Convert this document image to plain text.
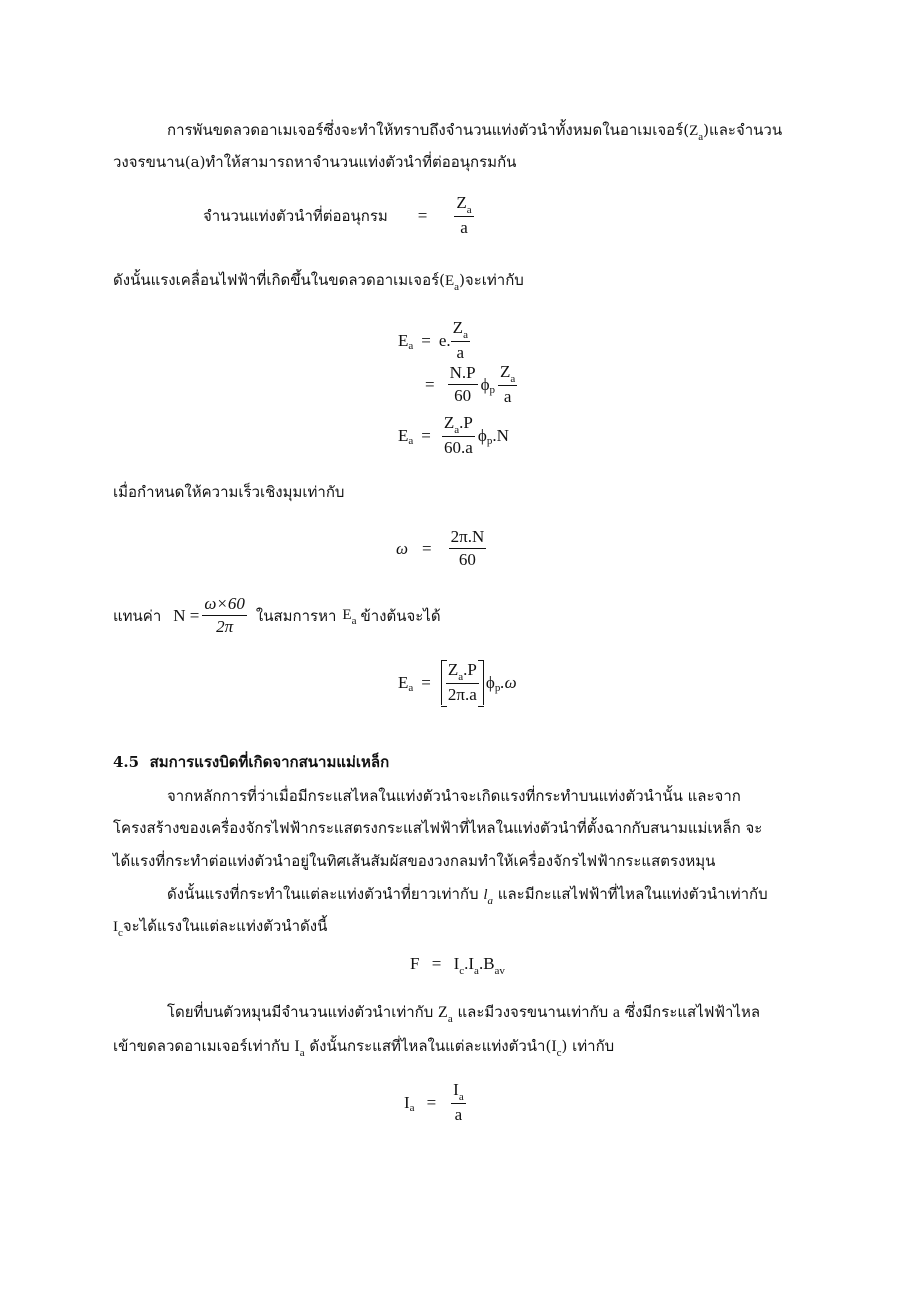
การพันขดลวดอาเมเจอร์ซึ่งจะทำให้ทราบถึงจำนวนแท่งตัวนำทั้งหมดในอาเมเจอร์$(Z_a)$และจำนวน
วงจรขนาน(a)ทำให้สามารถหาจำนวนแท่งตัวนำที่ต่ออนุกรมกัน
จำนวนแท่งตัวนำที่ต่ออนุกรม = $\frac{Z_a}{a}$
ดังนั้นแรงเคลื่อนไฟฟ้าที่เกิดขึ้นในขดลวดอาเมเจอร์$(E_a)$จะเท่ากับ
E a = e. $\frac{Z_a}{a}$
= $\frac{N.P}{60}$ ϕ p $\frac{Z_a}{a}$
E $a = \frac{Z_a.P}{60.a}$ ϕ p .N
เมื่อกำหนดให้ความเร็วเชิงมุมเท่ากับ
$\omega = \frac{2\pi.N}{60}$
แทนค่า $N = \frac{\omega\times 60}{2\pi}$ ในสมการหา $E_a$ ข้างต้นจะได้
E $a = \frac{Z_a.P}{2\pi.a}$ ϕ p .ω
4.5 สมการแรงบิดที่เกิดจากสนามแม่เหล็ก
จากหลักการที่ว่าเมื่อมีกระแสไหลในแท่งตัวนำจะเกิดแรงที่กระทำบนแท่งตัวนำนั้น และจาก
โครงสร้างของเครื่องจักรไฟฟ้ากระแสตรงกระแสไฟฟ้าที่ไหลในแท่งตัวนำที่ตั้งฉากกับสนามแม่เหล็ก จะ
ได้แรงที่กระทำต่อแท่งตัวนำอยู่ในทิศเส้นสัมผัสของวงกลมทำให้เครื่องจักรไฟฟ้ากระแสตรงหมุน
ดังนั้นแรงที่กระทำในแต่ละแท่งตัวนำที่ยาวเท่ากับ $l_a$ และมีกะแสไฟฟ้าที่ไหลในแท่งตัวนำเท่ากับ
$I_c$จะได้แรงในแต่ละแท่งตัวนำดังนี้
$F = I_c.I_a.B_{av}$
โดยที่บนตัวหมุนมีจำนวนแท่งตัวนำเท่ากับ $Z_a$ และมีวงจรขนานเท่ากับ a ซึ่งมีกระแสไฟฟ้าไหล
เข้าขดลวดอาเมเจอร์เท่ากับ $I_a$ ดังนั้นกระแสที่ไหลในแต่ละแท่งตัวนำ$(I_c)$ เท่ากับ
I $a = \frac{I_a}{a}$
